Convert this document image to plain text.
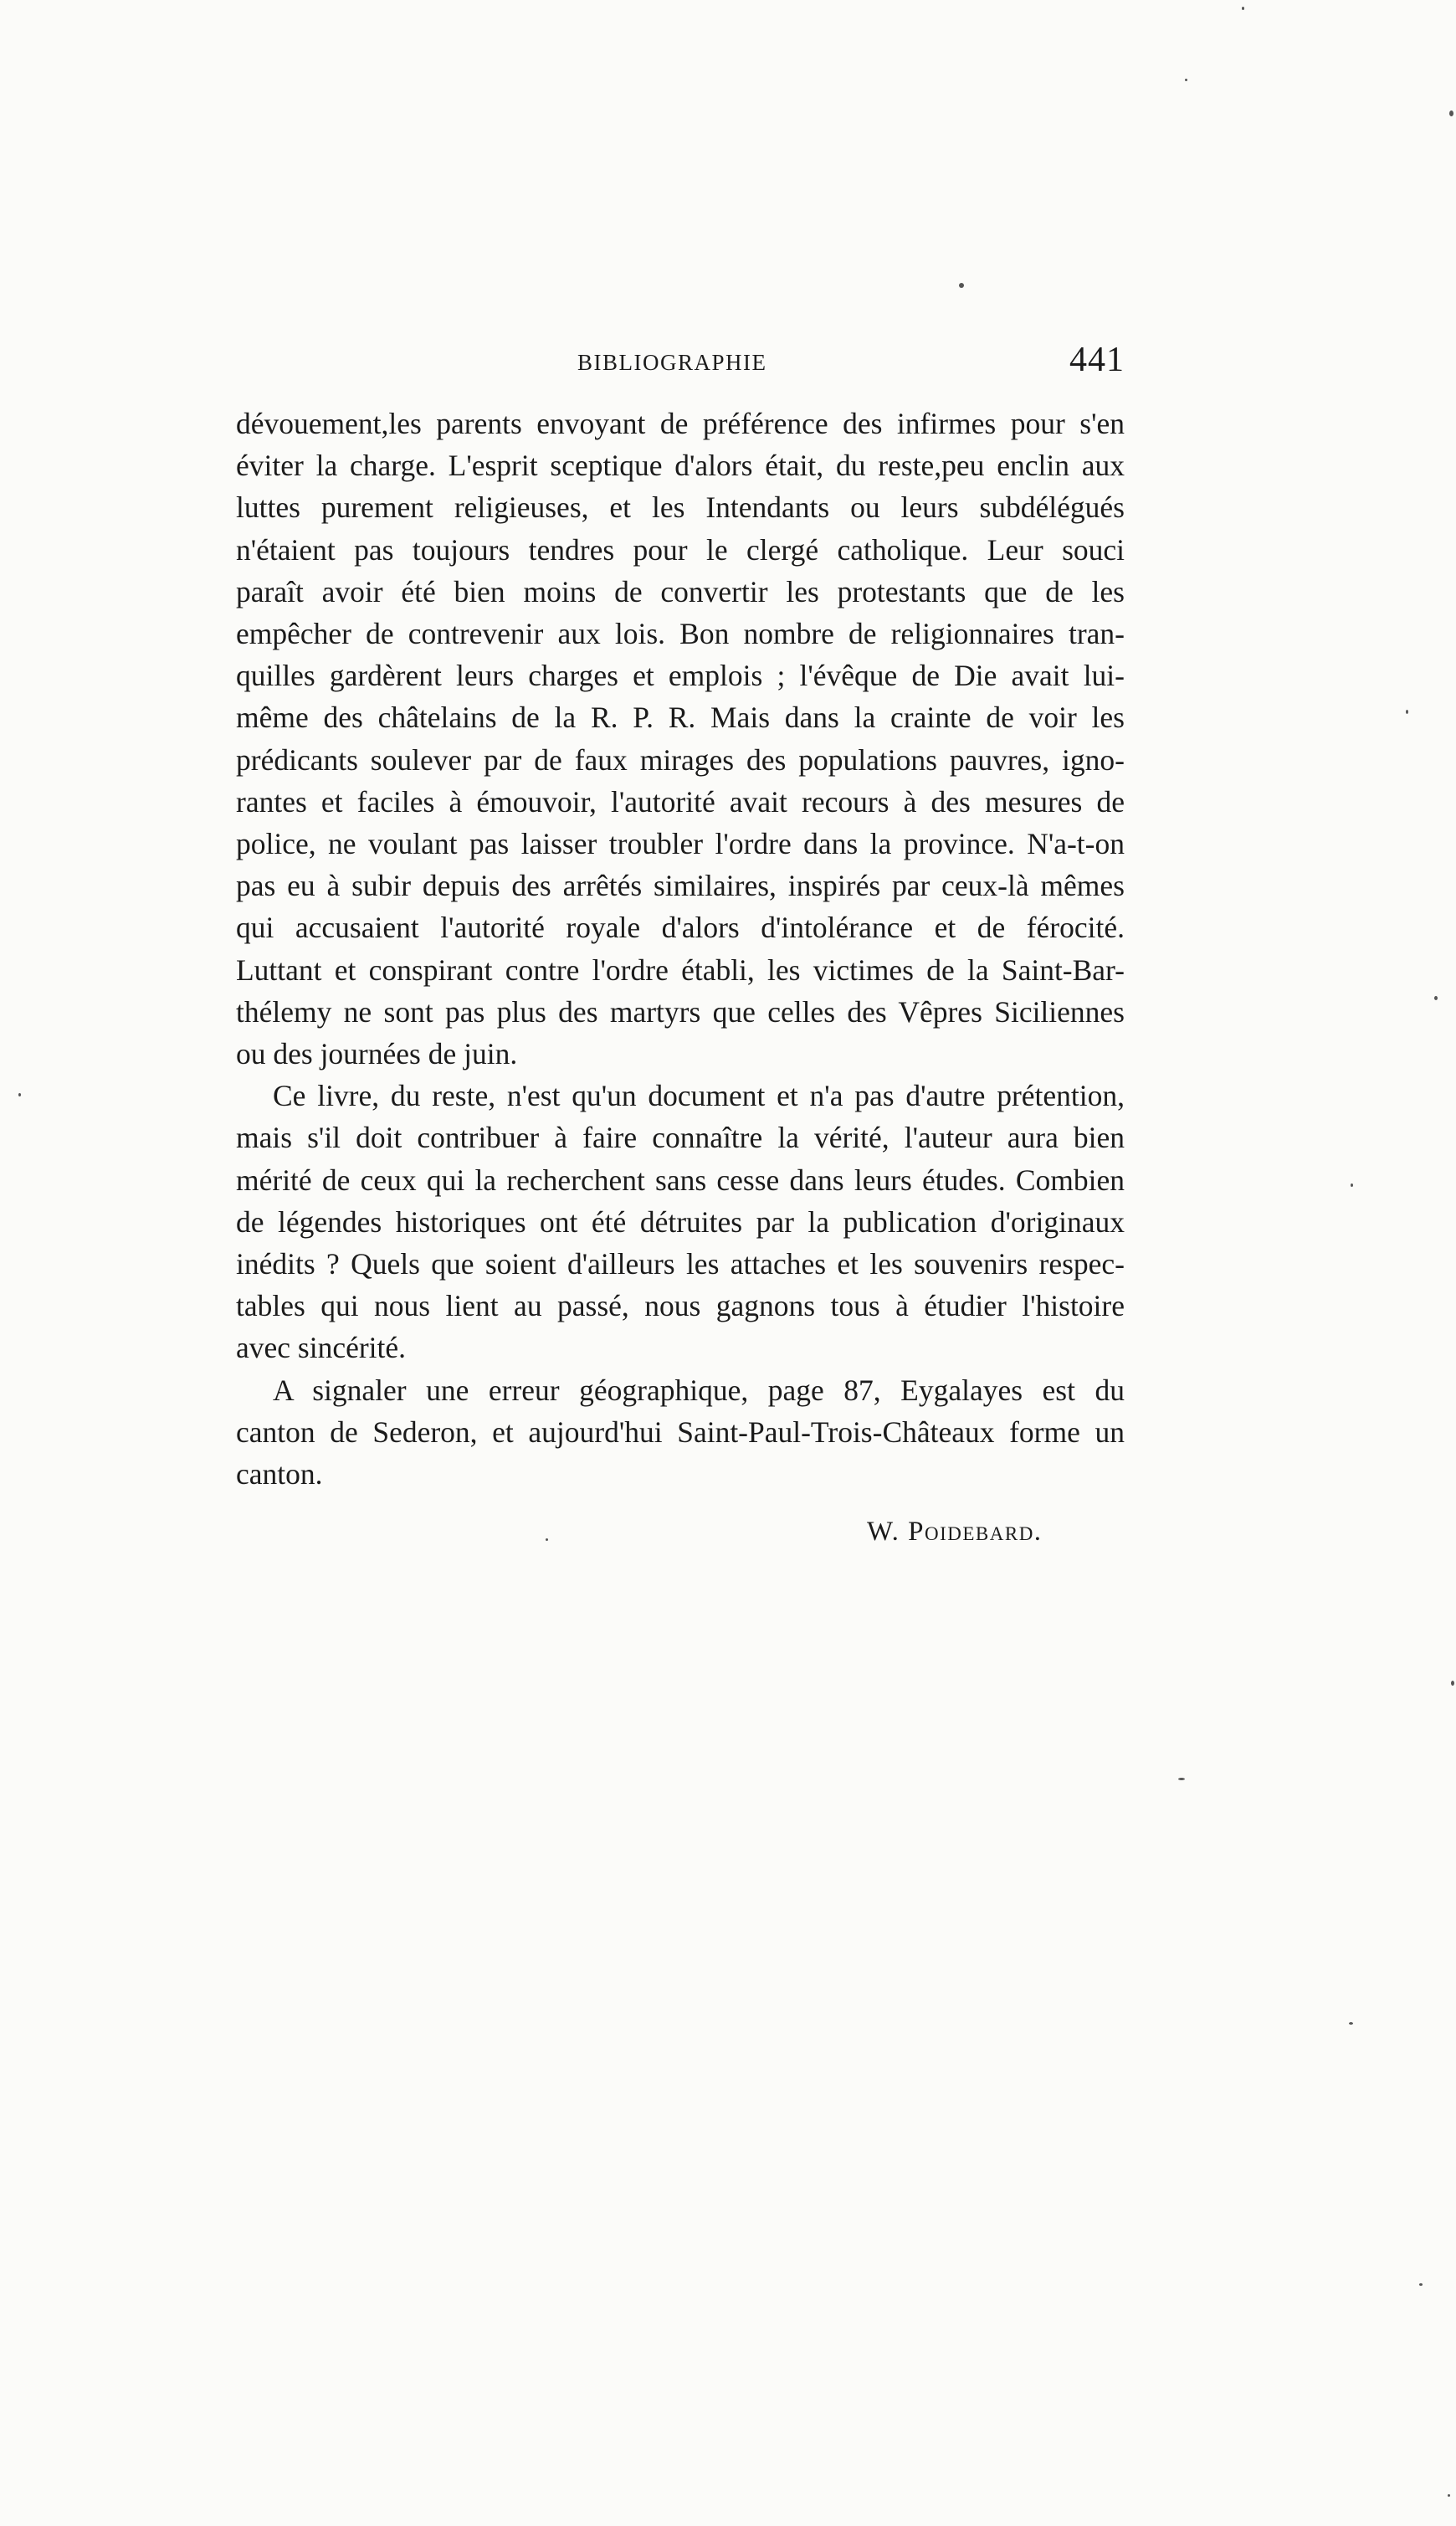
BIBLIOGRAPHIE	441
dévouement,les parents envoyant de préférence des infirmes pour s'en
éviter la charge. L'esprit sceptique d'alors était, du reste,peu enclin aux
luttes purement religieuses, et les Intendants ou leurs subdélégués
n'étaient pas toujours tendres pour le clergé catholique. Leur souci
paraît avoir été bien moins de convertir les protestants que de les
empêcher de contrevenir aux lois. Bon nombre de religionnaires tran-
quilles gardèrent leurs charges et emplois ; l'évêque de Die avait lui-
même des châtelains de la R. P. R. Mais dans la crainte de voir les
prédicants soulever par de faux mirages des populations pauvres, igno-
rantes et faciles à émouvoir, l'autorité avait recours à des mesures de
police, ne voulant pas laisser troubler l'ordre dans la province. N'a-t-on
pas eu à subir depuis des arrêtés similaires, inspirés par ceux-là mêmes
qui accusaient l'autorité royale d'alors d'intolérance et de férocité.
Luttant et conspirant contre l'ordre établi, les victimes de la Saint-Bar-
thélemy ne sont pas plus des martyrs que celles des Vêpres Siciliennes
ou des journées de juin.
Ce livre, du reste, n'est qu'un document et n'a pas d'autre prétention,
mais s'il doit contribuer à faire connaître la vérité, l'auteur aura bien
mérité de ceux qui la recherchent sans cesse dans leurs études. Combien
de légendes historiques ont été détruites par la publication d'originaux
inédits ? Quels que soient d'ailleurs les attaches et les souvenirs respec-
tables qui nous lient au passé, nous gagnons tous à étudier l'histoire
avec sincérité.
A signaler une erreur géographique, page 87, Eygalayes est du
canton de Sederon, et aujourd'hui Saint-Paul-Trois-Châteaux forme un
canton.
W. Poidebard.
